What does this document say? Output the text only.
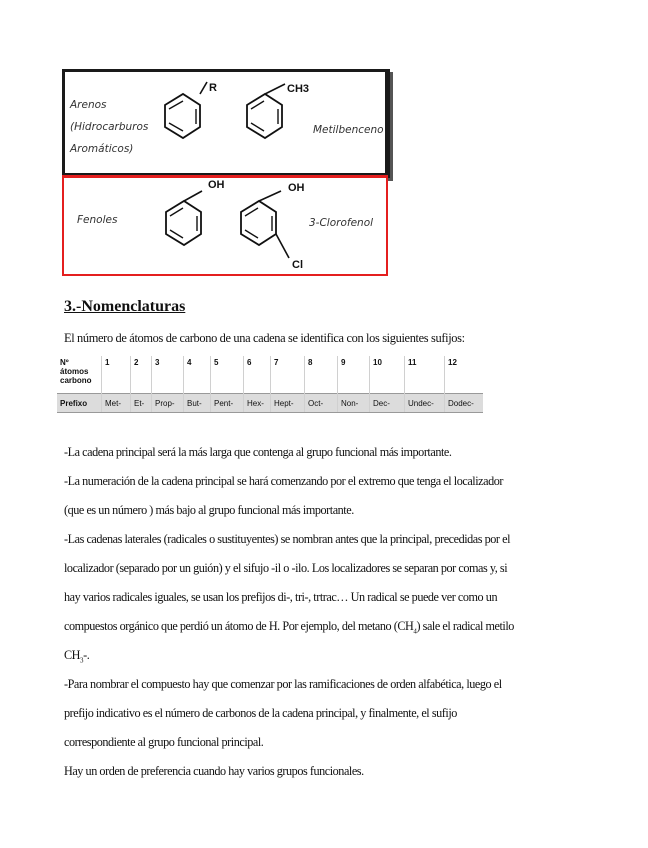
Arenos
(Hidrocarburos
Aromáticos)
R	CH3
Metilbenceno
Fenoles
OH	OH
Cl
3-Clorofenol
3.-Nomenclaturas
El número de átomos de carbono de una cadena se identifica con los siguientes sufijos:
Nº
átomos
carbono	1	2	3	4	5	6	7	8	9	10	11	12
Prefixo	Met-	Et-	Prop-	But-	Pent-	Hex-	Hept-	Oct-	Non-	Dec-	Undec-	Dodec-
-La cadena principal será la más larga que contenga al grupo funcional más importante.
-La numeración de la cadena principal se hará comenzando por el extremo que tenga el localizador
(que es un número ) más bajo al grupo funcional más importante.
-Las cadenas laterales (radicales o sustituyentes) se nombran antes que la principal, precedidas por el
localizador (separado por un guión) y el sifujo -il o -ilo. Los localizadores se separan por comas y, si
hay varios radicales iguales, se usan los prefijos di-, tri-, trtrac… Un radical se puede ver como un
compuestos orgánico que perdió un átomo de H. Por ejemplo, del metano $(CH_4)$ sale el radical metilo
$CH_3-$.
-Para nombrar el compuesto hay que comenzar por las ramificaciones de orden alfabética, luego el
prefijo indicativo es el número de carbonos de la cadena principal, y finalmente, el sufijo
correspondiente al grupo funcional principal.
Hay un orden de preferencia cuando hay varios grupos funcionales.
